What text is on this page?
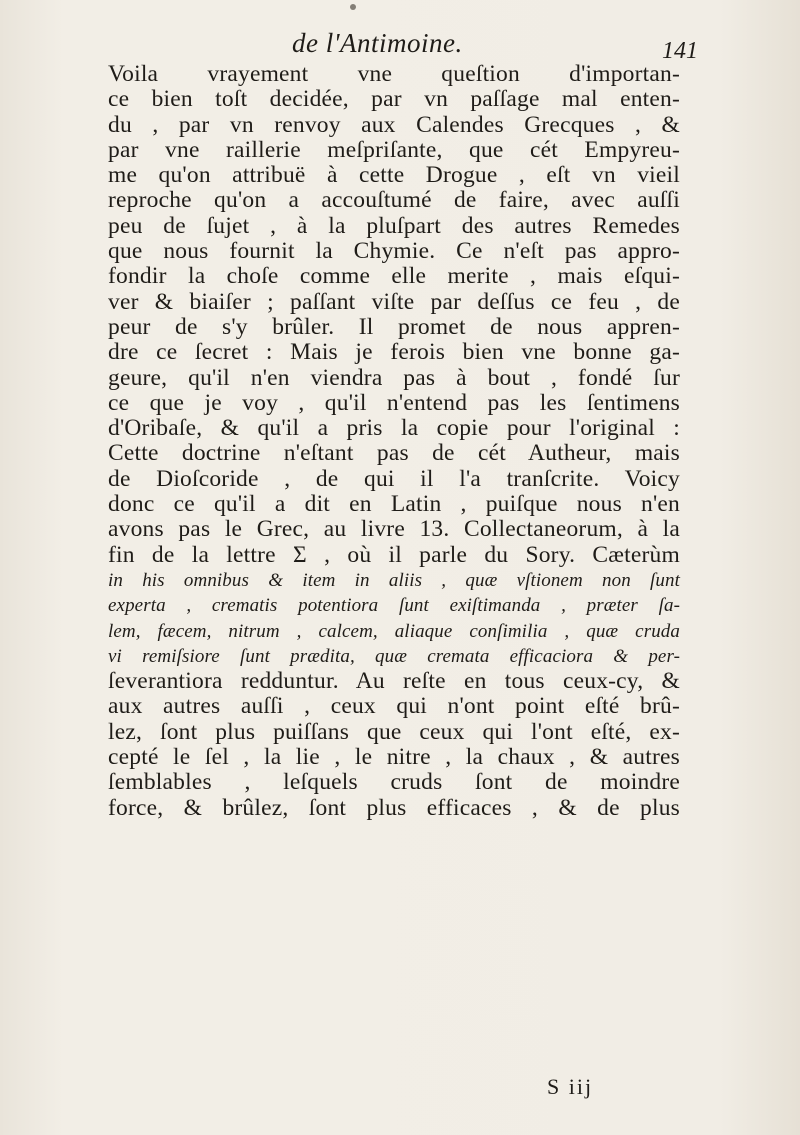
de l'Antimoine.	141
Voila vrayement vne queſtion d'importan-
ce bien toſt decidée, par vn paſſage mal enten-
du , par vn renvoy aux Calendes Grecques , &
par vne raillerie meſpriſante, que cét Empyreu-
me qu'on attribuë à cette Drogue , eſt vn vieil
reproche qu'on a accouſtumé de faire, avec auſſi
peu de ſujet , à la pluſpart des autres Remedes
que nous fournit la Chymie. Ce n'eſt pas appro-
fondir la choſe comme elle merite , mais eſqui-
ver & biaiſer ; paſſant viſte par deſſus ce feu , de
peur de s'y brûler. Il promet de nous appren-
dre ce ſecret : Mais je ferois bien vne bonne ga-
geure, qu'il n'en viendra pas à bout , fondé ſur
ce que je voy , qu'il n'entend pas les ſentimens
d'Oribaſe, & qu'il a pris la copie pour l'original :
Cette doctrine n'eſtant pas de cét Autheur, mais
de Dioſcoride , de qui il l'a tranſcrite. Voicy
donc ce qu'il a dit en Latin , puiſque nous n'en
avons pas le Grec, au livre 13. Collectaneorum, à la
fin de la lettre Σ , où il parle du Sory. Cæterùm
in his omnibus & item in aliis , quæ vſtionem non ſunt
experta , crematis potentiora ſunt exiſtimanda , præter ſa-
lem, fæcem, nitrum , calcem, aliaque conſimilia , quæ cruda
vi remiſsiore ſunt prædita, quæ cremata efficaciora & per-
ſeverantiora redduntur. Au reſte en tous ceux-cy, &
aux autres auſſi , ceux qui n'ont point eſté brû-
lez, ſont plus puiſſans que ceux qui l'ont eſté, ex-
cepté le ſel , la lie , le nitre , la chaux , & autres
ſemblables , leſquels cruds ſont de moindre
force, & brûlez, ſont plus efficaces , & de plus
S iij
